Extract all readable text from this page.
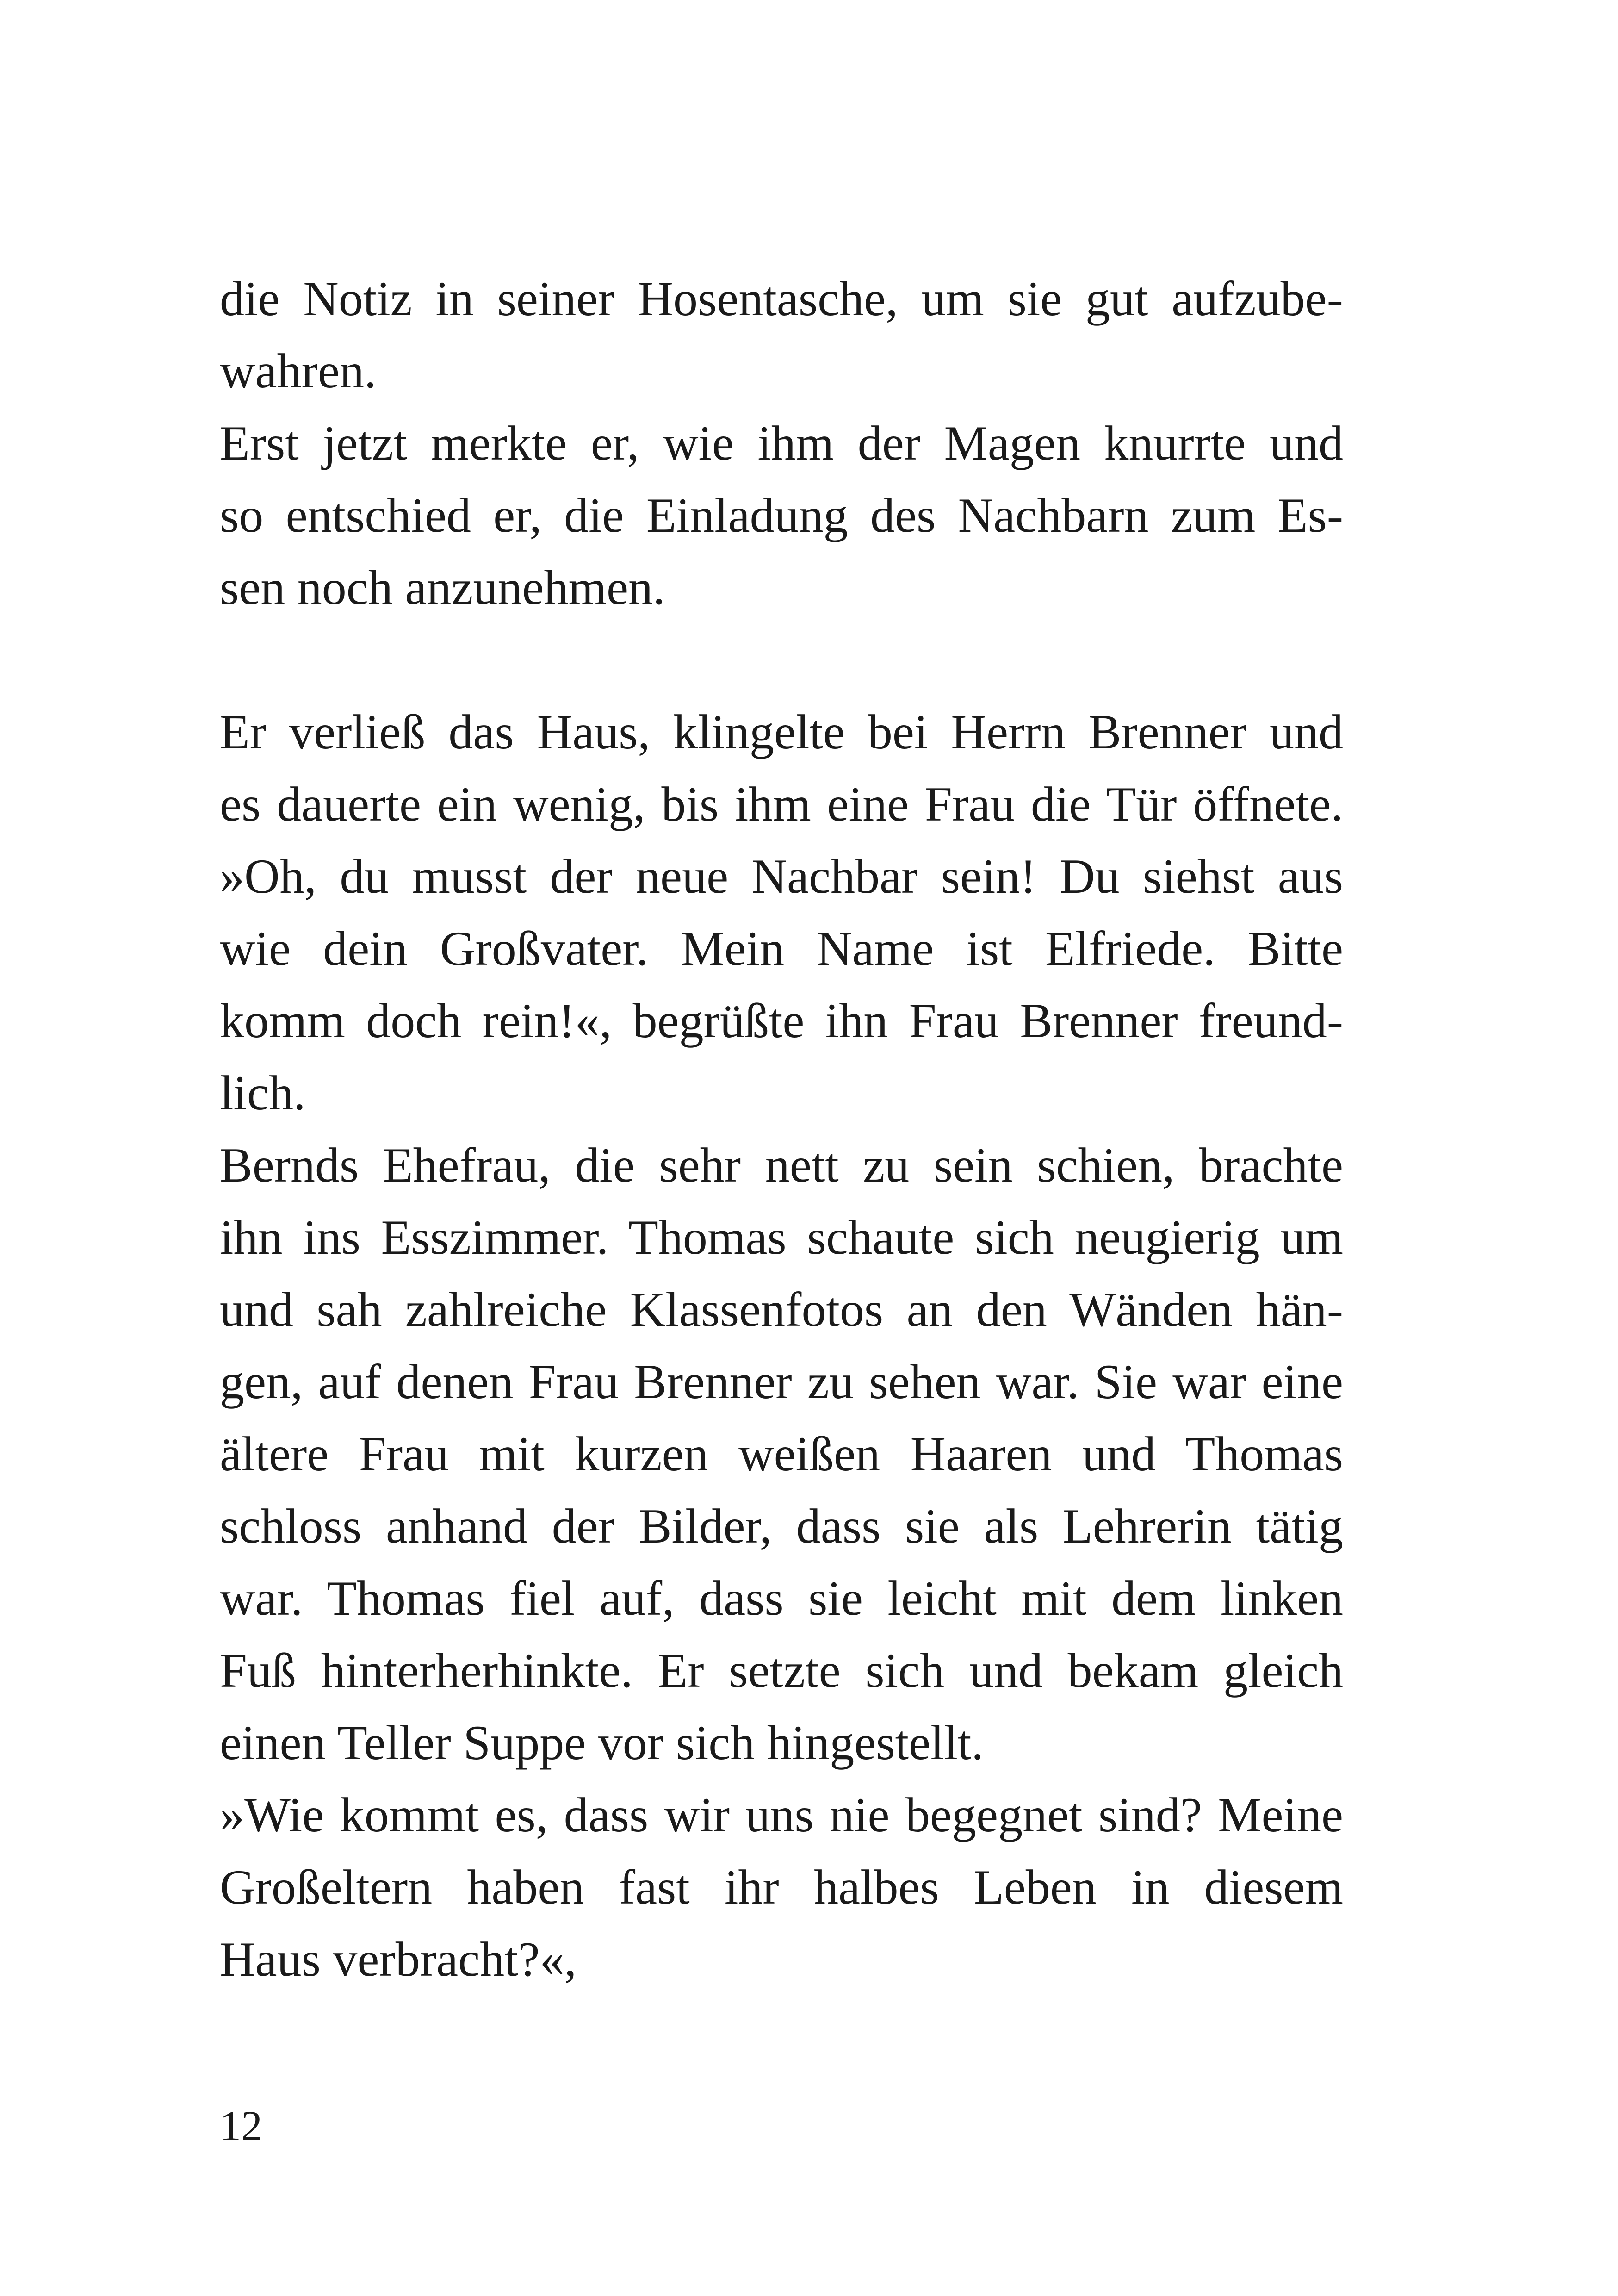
die Notiz in seiner Hosentasche, um sie gut aufzube-
wahren.
Erst jetzt merkte er, wie ihm der Magen knurrte und
so entschied er, die Einladung des Nachbarn zum Es-
sen noch anzunehmen.
Er verließ das Haus, klingelte bei Herrn Brenner und
es dauerte ein wenig, bis ihm eine Frau die Tür öffnete.
»Oh, du musst der neue Nachbar sein! Du siehst aus
wie dein Großvater. Mein Name ist Elfriede. Bitte
komm doch rein!«, begrüßte ihn Frau Brenner freund-
lich.
Bernds Ehefrau, die sehr nett zu sein schien, brachte
ihn ins Esszimmer. Thomas schaute sich neugierig um
und sah zahlreiche Klassenfotos an den Wänden hän-
gen, auf denen Frau Brenner zu sehen war. Sie war eine
ältere Frau mit kurzen weißen Haaren und Thomas
schloss anhand der Bilder, dass sie als Lehrerin tätig
war. Thomas fiel auf, dass sie leicht mit dem linken
Fuß hinterherhinkte. Er setzte sich und bekam gleich
einen Teller Suppe vor sich hingestellt.
»Wie kommt es, dass wir uns nie begegnet sind? Meine
Großeltern haben fast ihr halbes Leben in diesem
Haus verbracht?«,
12
